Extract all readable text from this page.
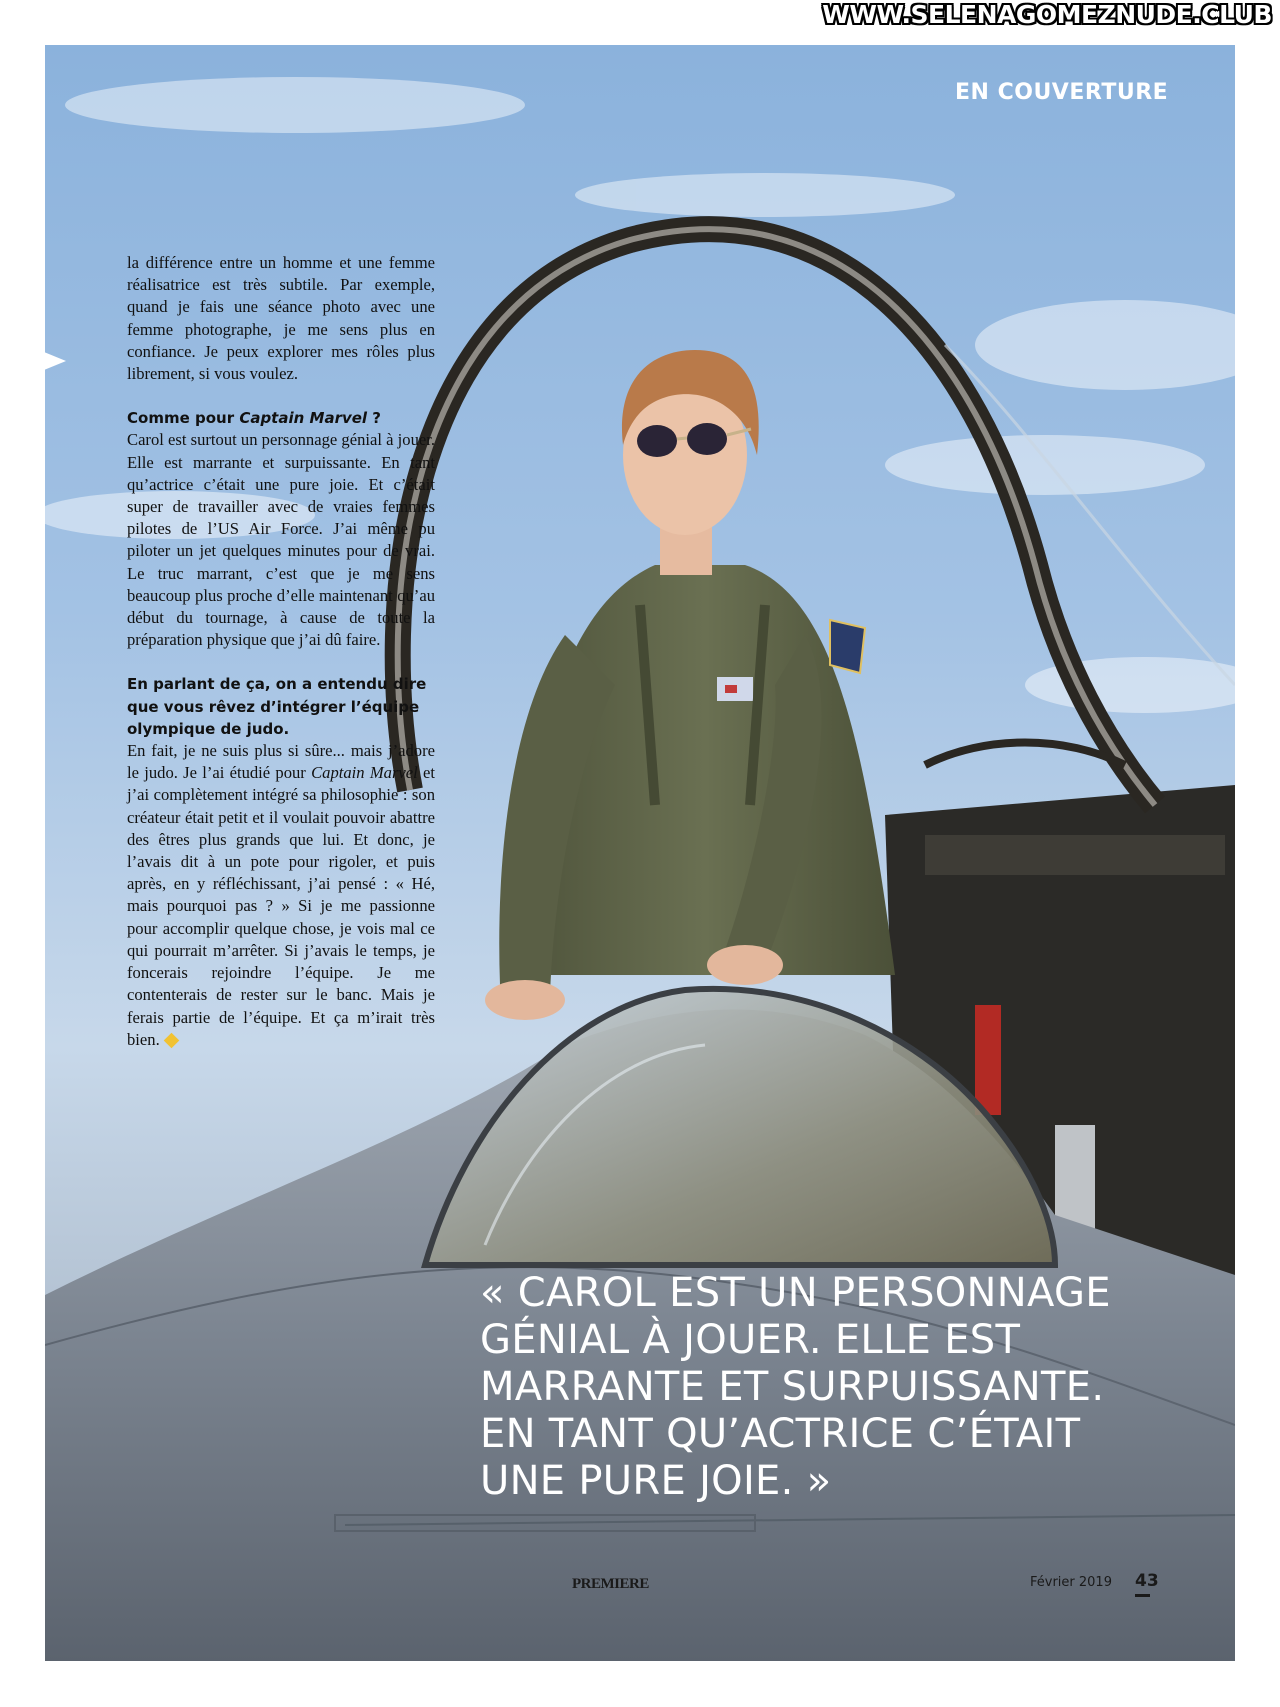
WWW.SELENAGOMEZNUDE.CLUB
EN COUVERTURE

la différence entre un homme et une femme réalisatrice est très subtile. Par exemple, quand je fais une séance photo avec une femme photographe, je me sens plus en confiance. Je peux explorer mes rôles plus librement, si vous voulez.

Comme pour Captain Marvel ?
Carol est surtout un personnage génial à jouer. Elle est marrante et surpuissante. En tant qu’actrice c’était une pure joie. Et c’était super de travailler avec de vraies femmes pilotes de l’US Air Force. J’ai même pu piloter un jet quelques minutes pour de vrai. Le truc marrant, c’est que je me sens beaucoup plus proche d’elle maintenant qu’au début du tournage, à cause de toute la préparation physique que j’ai dû faire.

En parlant de ça, on a entendu dire que vous rêvez d’intégrer l’équipe olympique de judo.
En fait, je ne suis plus si sûre... mais j’adore le judo. Je l’ai étudié pour Captain Marvel et j’ai complètement intégré sa philosophie : son créateur était petit et il voulait pouvoir abattre des êtres plus grands que lui. Et donc, je l’avais dit à un pote pour rigoler, et puis après, en y réfléchissant, j’ai pensé : « Hé, mais pourquoi pas ? » Si je me passionne pour accomplir quelque chose, je vois mal ce qui pourrait m’arrêter. Si j’avais le temps, je foncerais rejoindre l’équipe. Je me contenterais de rester sur le banc. Mais je ferais partie de l’équipe. Et ça m’irait très bien.

« CAROL EST UN PERSONNAGE
GÉNIAL À JOUER. ELLE EST
MARRANTE ET SURPUISSANTE.
EN TANT QU’ACTRICE C’ÉTAIT
UNE PURE JOIE. »
PREMIERE	Février 2019 43
